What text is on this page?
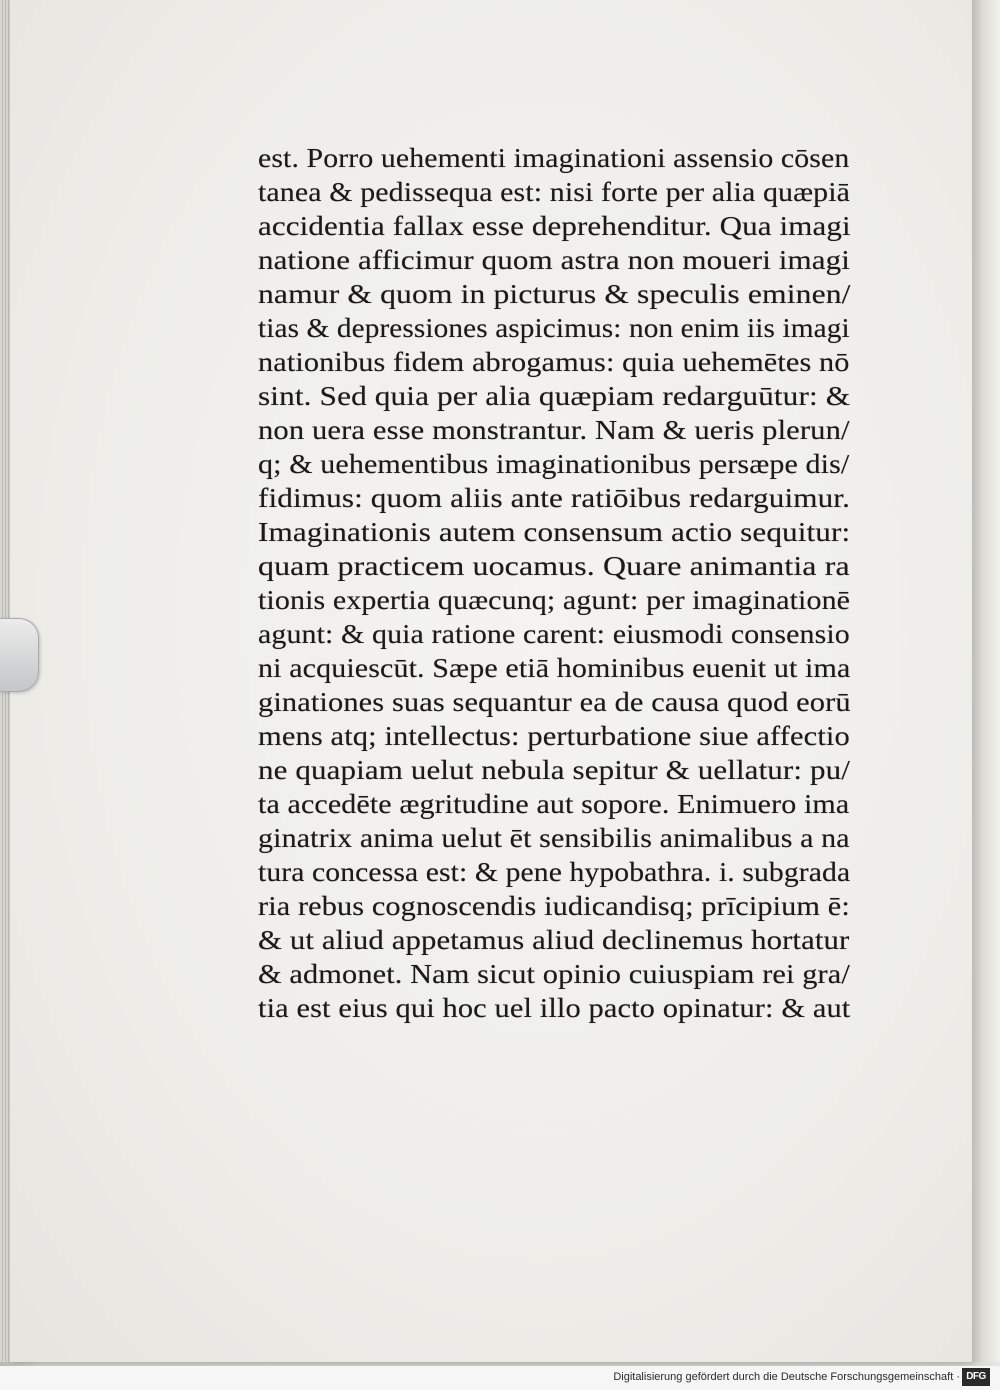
est. Porro uehementi imaginationi assensio cōsen
tanea & pedissequa est: nisi forte per alia quæpiā
accidentia fallax esse deprehenditur. Qua imagi
natione afficimur quom astra non moueri imagi
namur & quom in picturus & speculis eminen/
tias & depressiones aspicimus: non enim iis imagi
nationibus fidem abrogamus: quia uehemētes nō
sint. Sed quia per alia quæpiam redarguūtur: &
non uera esse monstrantur. Nam & ueris plerun/
q; & uehementibus imaginationibus persæpe dis/
fidimus: quom aliis ante ratiōibus redarguimur.
Imaginationis autem consensum actio sequitur:
quam practicem uocamus. Quare animantia ra
tionis expertia quæcunq; agunt: per imaginationē
agunt: & quia ratione carent: eiusmodi consensio
ni acquiescūt. Sæpe etiā hominibus euenit ut ima
ginationes suas sequantur ea de causa quod eorū
mens atq; intellectus: perturbatione siue affectio
ne quapiam uelut nebula sepitur & uellatur: pu/
ta accedēte ægritudine aut sopore. Enimuero ima
ginatrix anima uelut ēt sensibilis animalibus a na
tura concessa est: & pene hypobathra. i. subgrada
ria rebus cognoscendis iudicandisq; prīcipium ē:
& ut aliud appetamus aliud declinemus hortatur
& admonet. Nam sicut opinio cuiuspiam rei gra/
tia est eius qui hoc uel illo pacto opinatur: & aut
Digitalisierung gefördert durch die Deutsche Forschungsgemeinschaft · DFG
